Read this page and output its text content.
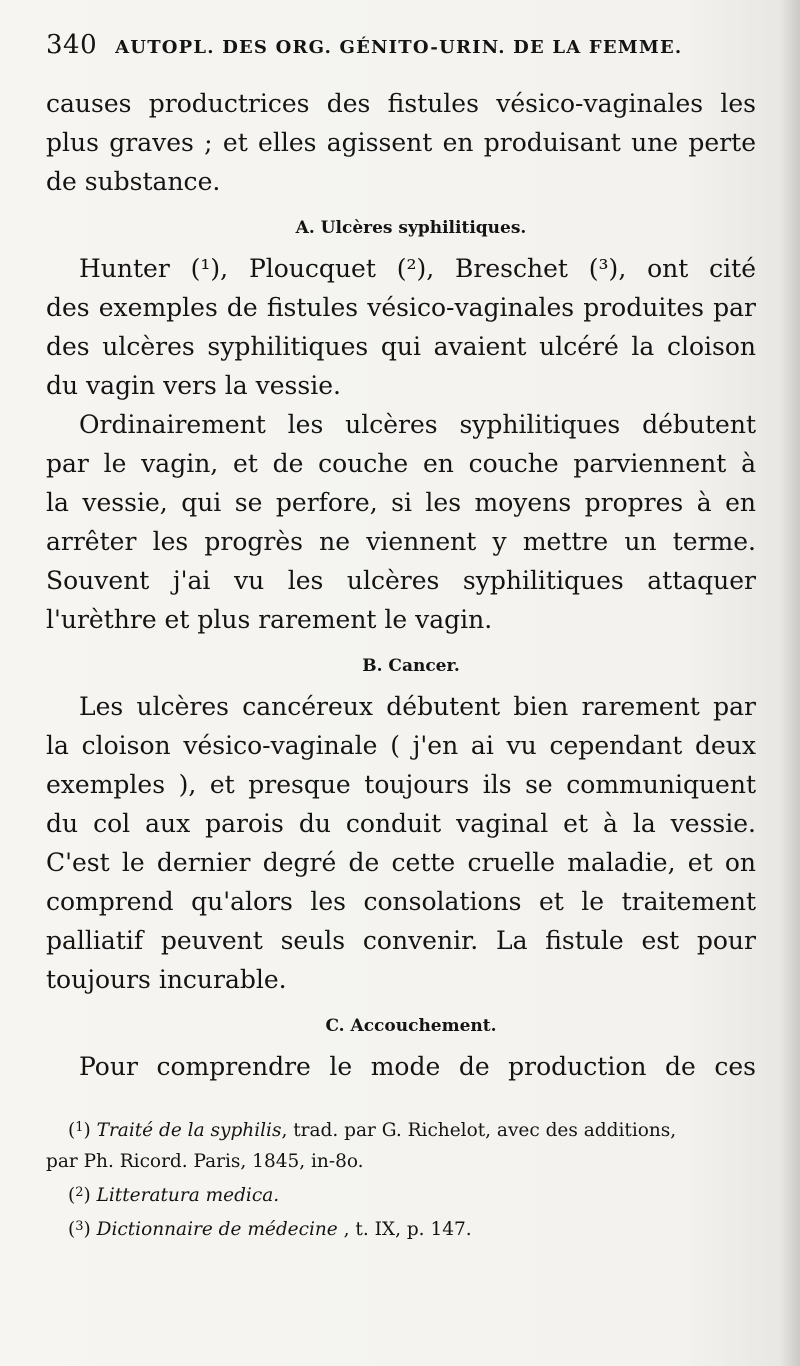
340 AUTOPL. DES ORG. GÉNITO-URIN. DE LA FEMME.

causes productrices des fistules vésico-vaginales les

plus graves ; et elles agissent en produisant une perte

de substance.

A. Ulcères syphilitiques.

Hunter (¹), Ploucquet (²), Breschet (³), ont cité

des exemples de fistules vésico-vaginales produites par

des ulcères syphilitiques qui avaient ulcéré la cloison

du vagin vers la vessie.

Ordinairement les ulcères syphilitiques débutent

par le vagin, et de couche en couche parviennent à

la vessie, qui se perfore, si les moyens propres à en

arrêter les progrès ne viennent y mettre un terme.

Souvent j'ai vu les ulcères syphilitiques attaquer

l'urèthre et plus rarement le vagin.

B. Cancer.

Les ulcères cancéreux débutent bien rarement par

la cloison vésico-vaginale ( j'en ai vu cependant deux

exemples ), et presque toujours ils se communiquent

du col aux parois du conduit vaginal et à la vessie.

C'est le dernier degré de cette cruelle maladie, et on

comprend qu'alors les consolations et le traitement

palliatif peuvent seuls convenir. La fistule est pour

toujours incurable.

C. Accouchement.

Pour comprendre le mode de production de ces

($^1$) Traité de la syphilis, trad. par G. Richelot, avec des additions,

par Ph. Ricord. Paris, 1845, in-8o.

($^2$) Litteratura medica.

($^3$) Dictionnaire de médecine , t. IX, p. 147.
